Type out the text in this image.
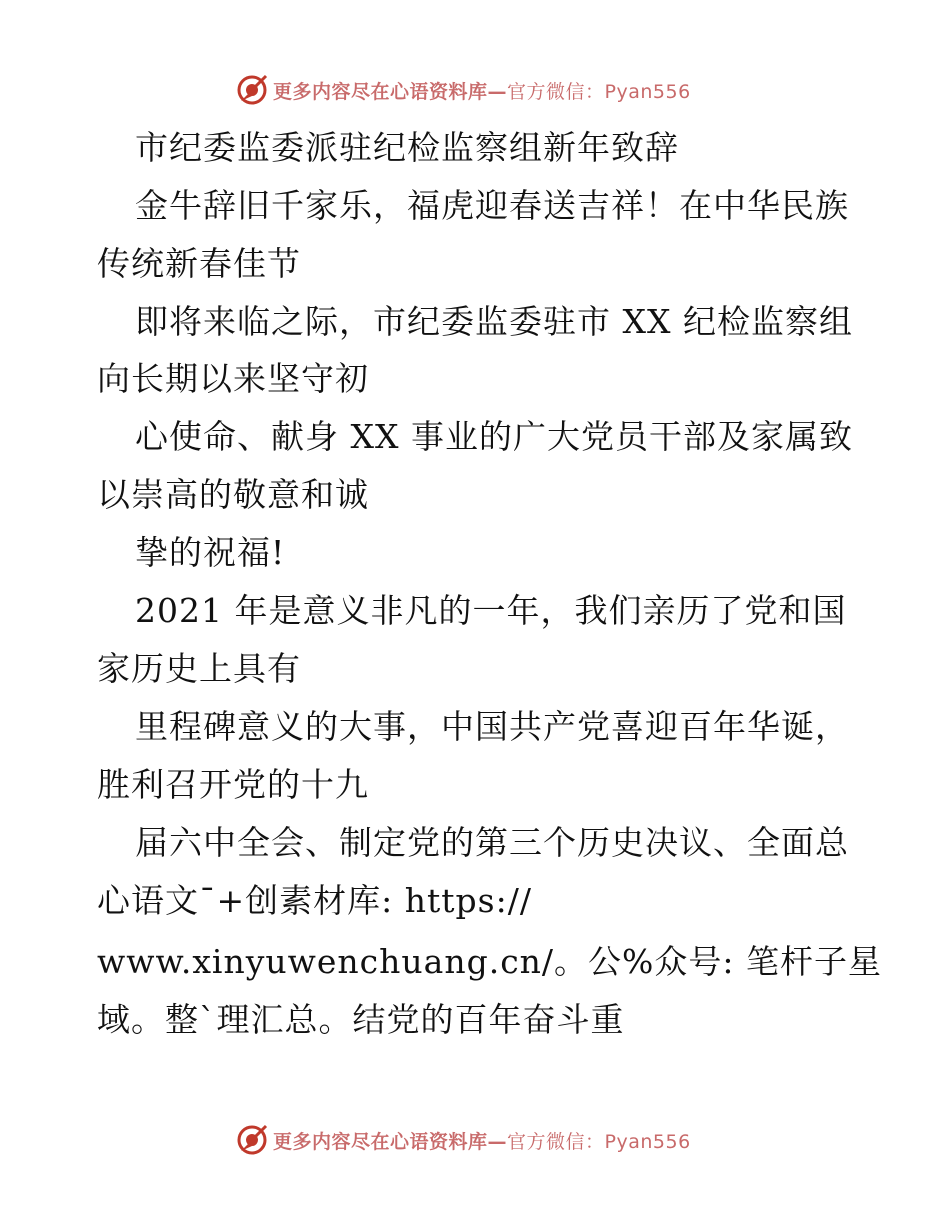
更多内容尽在心语资料库—官方微信：Pyan556
市纪委监委派驻纪检监察组新年致辞
金牛辞旧千家乐，福虎迎春送吉祥！在中华民族
传统新春佳节
即将来临之际，市纪委监委驻市 XX 纪检监察组
向长期以来坚守初
心使命、献身 XX 事业的广大党员干部及家属致
以崇高的敬意和诚
挚的祝福!
2021 年是意义非凡的一年，我们亲历了党和国
家历史上具有
里程碑意义的大事，中国共产党喜迎百年华诞，
胜利召开党的十九
届六中全会、制定党的第三个历史决议、全面总
心语文¯+创素材库: https://
www.xinyuwenchuang.cn/。公%众号: 笔杆子星
域。整`理汇总。结党的百年奋斗重
更多内容尽在心语资料库—官方微信：Pyan556
